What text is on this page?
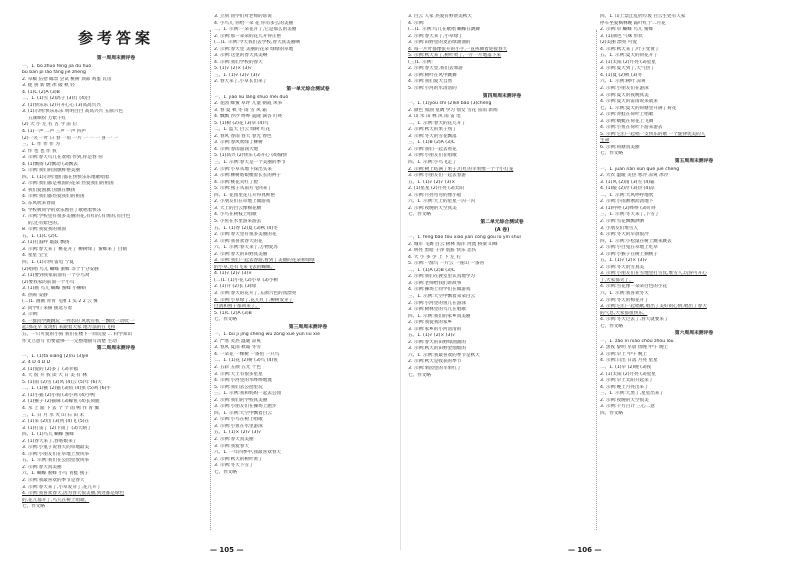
参考答案
第一周周末测评卷
一、1. bō zhuō fēng jiā dù huǒ
bǔ bān pí láo fǎng jiè zhèng
2. 草稿 伍拾 邮票 尝试 桃树 颈部 鸡蛋 瓦房
3. 捉 别 新 燃 冰 破 秋 轻
4. (1)C (2)A (3)B
二、1. (1)雪 (2)鸽子 (3)灯 (4)白
2. (1)快乐乐 (2)开开心心 (3)高高兴兴
3. (1)示例:快乐乐乐 明明白白 高高兴兴 五颜六色
五颜缤纷 万紫千红
(2) 大 小 左 右 古 今 前 后
4. (1)一声 二声 三声 一声 四声
(2)一笑 一叶 日 春 一角 一片 一 一 一 喜 一 一
三、1. 作 作 作 为
2. 作 也 也 作 我
3. 示例:春天鸟儿在欢唱 作到,你是春 你
4. (1)飘扬 (2)飘动 (3)飘去
5. 示例:我们的国旗鲜艳美丽
四、1. (1)示例:他们都在快快乐乐地歌唱着
2. 示例:我们都是祖国的花朵 热爱我们的祖国
3. 我们爱国旗 国旗在飘扬
4. 示例:我们都热爱我们的祖国
5. 东风吹来春雨
6. 学校被同学的欢乐围住了歌唱着快乐
7. 示例:学校里有很多美丽的花,有红的,有黄的,有白色
的,还有紫色的。
8. 示例:我爱我的祖国
五、1. (1)C (2)C
2. (1)打鼓呼 敲鼓 飘扬
3. 示例:春天来了 桃花开了 柳树绿了 蜜蜂来了 白鹤
4. 星星 宝宝
四、1. (1)示例 雷电 宁夏
(2)唱唱 鸟儿 蝴蝶 蜜蜂 等于十分安静
2. (1)要到我家前面有一个小鸟窝
(2)要我家的前面一个小鸟
3. (1)画 鸟儿 蝴蝶 蜜蜂 小蝌蚪
4. 热闹 安静
(二)1. 画画 青青 飞翔 1 头 2 2 云 雾
2. 同学们 采摘 挑选写着
3. 示例:
4. 一群同学跳跳玩 一列水的 风吹有机 一飘吹一动吹 一
起:那花早 发现机 来跟着大家 地方法的在飞和
五、一只可爱的小狗 我们在楼下一同玩耍 … 科学知识
作文立意写 但要能够一一完整地描写清楚 生动
第二周周末测评卷
一、1. (1)tā xiàng (2)rù (3)jié
2. 4 D 4 D D
3. (1)爱的 (2)多了 (3)幸福
4. 天 很 开 我 读 大 日 美 有 林
5. (1)雨 (2)雪 (3)风 (4)云 (5)年 (6)大
二、1. (1)猴 (2)猫 (3)鱼 (4)虫 (5)鸡 (6)牛
2. (1)小猫 (2)小狗 (3)小鸡 (4)小鸭
3. (1)猴子 (2)猫咪 (3)鲸鱼 (4)长颈鹿
4. 水 上 面 下 去 个 个 雨 鸭 作 青 翼
三、1. 日 月 水 火 山 石 田 禾
2. (1)采 (2)出 (3)到 (4)飞 (5)在
3. (1)打雷了 (2)下雨了 (3)天晴了
四、1. (1)鸟儿 蝴蝶 蜜蜂
2. (1)春天来了,春姑娘来了
3. 示例:小兔子说春天的草地最美
4. 示例:小朋友们在草地上放风筝
五、1. 示例:我们在公园里放风筝
2. 示例:春天真美丽
六、1. 蝴蝶 蜜蜂 小鸟 青蛙 燕子
2. 示例:我最喜欢的季节是春天
3. 示例:春天来了,小草发芽了,花儿开了
4. 示例:我喜欢春天,因为春天很美丽,到处都是绿色
的,花儿都开了,鸟儿在树上唱歌。
七、作文略
3. 立刻 同学们对老师的诉说
4. 小鸟儿 你给一朵 花 你有多么的美丽
二、1. 示例:一朵花开了,它是那么的美丽
2. 示例:那一朵朵的花儿开得正艳
(二)1. 示例:今天我们去学校,春天真美丽啊
2. 示例:春天里 美丽的花朵 绿绿的草地
3. 示例:这里的春天真美啊
4. 示例:我们学校的春天
5. (1)√ (2)× (3)√
三、1. (1)√ (2)√ (3)√
2. 春天来了,小草长出来了
第一单元综合测试卷
一、1. jiāo liú lǎng shuō méi duǒ
2. 花园 蜂蜜 草坪 儿童 朝霞 风筝
3. 春 夏 秋 冬 雨 雪 风 霜
4. 飘飘 沙沙 哗哗 轰隆 滴答 叮咚
5. (1)树 (2)花 (3)草 (4)鸟
二、1. 蓝天 白云 绿树 红花
2. 春风 春雨 春天 春光 春色
3. 示例:春风吹绿了柳树
4. 示例:春雨滋润大地
5. (1)高兴 (2)快乐 (3)开心 (4)愉快
三、1. 示例:春天是一个美丽的季节
2. 示例:小草从地下探出头来
3. 示例:柳树姑娘梳着长长的辫子
4. 示例:桃花笑红了脸
5. 示例:燕子从南方飞回来了
四、1. 花园里花儿开得真鲜艳
2. 小朋友们在草地上做游戏
3. 天上的白云像棉花糖
4. 小鸟在树枝上唱歌
5. 小鱼在水里游来游去
五、1. (1)春 (2)夏 (3)秋 (4)冬
2. 示例:春天里有很多美丽的花
3. 示例:我喜欢春天的花
六、1. 示例:春天来了,万物复苏
2. 示例:春天的田野真美丽
3. 示例:我们一起去春游,看到了美丽的花朵和绿绿
的小草,还有飞来飞去的蝴蝶。
4. (1)√ (2)√ (3)×
(二)1. (1)小花 (2)小草 (3)小树
2. (1)开 (2)长 (3)绿
3. 示例:春天的花开了,五颜六色的真漂亮
4. 示例:小草绿了,花儿红了,柳树发芽了
白鸽和燕子都回来了。
5. (1)C (2)A (3)B
七、作文略
第三周周末测评卷
一、1. bǔ jī jìng shēng wù zōng xué yǔn liú xiē
2. 严寒 炎热 温暖 凉爽
3. 春风 夏雨 秋霜 冬雪
4. 一朵花 一棵树 一条鱼 一只鸟
二、1. (1)花 (2)树 (3)鸟 (4)鱼
2. 五彩 五颜 五光 十色
3. 示例:天上有很多星星
4. 示例:小河里的水哗哗地流
5. 示例:我们去公园里玩
三、1. 示例:我和妈妈一起去公园
2. 示例:我们的学校真美丽
3. 示例:小朋友们在操场上跑步
四、1. 示例:天空中飘着白云
2. 示例:小鸟在树上唱歌
3. 示例:小鱼在水里游泳
五、1. (1)× (2)√ (3)√
2. 示例:春天真美丽
3. 示例:我爱春天
六、1. 一年四季中,我最喜欢春天
2. 示例:秋天的树叶黄了
3. 示例:冬天下雪了
七、作文略
3. 白云 人家 热爱有野赞美秋天
4. 示例:
(二)1. 示例:鸟儿在歌唱 蝴蝶在跳舞
2. 示例:春天来了,小草绿了
3. 示例:田野里的麦苗绿油油的
4. 每一片叶都像张开的小手,一直挥舞着迎接春天
5. 示例:秋天来了,树叶黄了,一片一片地落下来
(三)1. 示例:
2. 示例:春天里,我们去郊游
3. 示例:树叶在风中跳舞
4. 示例:我们爱大自然
5. 示例:小河的水清清的
第四周周末测评卷
一、1. (1)yóu shì (2)kè bǎo (3)chéng
2. 颜色 加油 宽阔 学习 仙女 雪花 雷雨 新闻
3. 山 水 田 林 风 雨 雷 电
二、1. 示例:春天的花儿开了
2. 示例:秋天的果子熟了
3. 示例:冬天的雪花飘落
三、1. (1)B (2)A (3)C
2. 示例:我们一起去看花
3. 示例:小朋友们在唱歌
四、1. 示例:小鸟飞走了
2. 示例:树上结满了果子,红红的苹果像一个个小灯笼
3. 示例:小朋友们一起去春游
五、1. (1)√ (2)√ (3)×
2. (1)星星 (2)月亮 (3)太阳
3. 示例:月亮弯弯的像小船
六、1. 示例:天上的星星一闪一闪
2. 示例:夜晚的天空真美
七、作文略
第二单元综合测试卷
(A 卷)
一、1. fēng bǎo tóu xiāo jiān cóng gōu lù yǐn shuǐ
2. 城市 飞舞 白云 树林 海洋 河流 桥梁 山峰
3. 明亮 黑暗 干净 肮脏 快乐 悲伤
4. 大 小 多 少 上 下 左 右
5. 示例:一群鸟 一片云 一座山 一条河
二、1. (1)A (2)B (3)C
2. 示例:我们在教室里认真地学习
3. 示例:老师给我们讲故事
4. 示例:操场上同学们在做游戏
三、1. 示例:天空中飘着朵朵白云
2. 示例:小河里的鱼儿在游泳
3. 示例:树林里的鸟儿在唱歌
四、1. 示例:我们的家乡真美丽
2. 示例:我爱我的家乡
3. 示例:家乡的小河清清的
五、1. (1)√ (2)× (3)√
2. 示例:春天的田野绿油油的
3. 示例:秋天的田野金灿灿的
六、1. 示例:我最喜欢的季节是秋天
2. 示例:秋天是收获的季节
3. 示例:果园里的苹果红了
七、作文略
四、1. 山上禁止乱扔垃圾 白云生处有人家
停车坐爱枫林晚 霜叶红于二月花
2. 示例:草 蝴蝶 鸟儿 蜜蜂
3. (1)颜色 气味 形状
(2)美丽 漂亮 可爱
4. 示例:秋天来了,叶子变黄了
五、1. 示例:夏天的荷花开了
2. (1)太阳 (2)月亮 (3)星星
3. 示例:夏天到了,天气热了
4. (1)夏 (2)秋 (3)冬
六、1. 示例:树叶 凉爽
2. 示例:小朋友们在游泳
3. 示例:夏天的夜晚真美
4. 示例:夏天的雷雨说来就来
七、1. 示例:夏天的荷塘里开满了荷花
2. 示例:青蛙在荷叶上唱歌
3. 示例:蜻蜓在荷花上飞舞
4. 示例:小鱼在荷叶下游来游去
5. 示例:它们一起唱一支快乐的歌 一个旋律优美的人
生命
6. 示例:荷塘真美丽
七、作文略
第五周周末测评卷
一、1. juān nán xún què jué chéng
2. 大衣 温暖 炎热 寒冷 凉爽 冰冷
3. (1)风 (2)雨 (3)雪 (4)霜
4. (1)暖 (2)冷 (3)热 (4)凉
二、1. 示例:大风呼呼地吹
2. 示例:小雨淅淅沥沥地下
3. (1)呼呼 (2)哗哗 (3)叮咚
三、1. 示例:冬天来了,下雪了
2. 示例:雪花飘飘洒洒
3. 小朋友们堆雪人
4. 示例:冬天的早晨很冷
四、1. 示例:小松鼠在树上跳来跳去
2. 示例:小白兔在草地上吃草
3. 示例:小猴子在树上摘桃子
五、1. (1)√ (2)× (3)√
2. 示例:冬天的雪真美
3. 示例:小朋友们在雪地里打雪仗,堆雪人,玩得可开心
了,大家都笑了。
4. 示例:雪花像一朵朵白色的小花
六、1. 示例:我喜欢冬天
2. 示例:冬天的梅花开了
3. 示例:它们一起唱歌,唱出了美好的心情,唱出了春天
的气息,大家都很快乐。
4. 示例:冬天过去了,春天就要来了
七、作文略
第六周周末测评卷
一、1. zǎo nǐ niǎo chóu zhǒu lǒu
2. 黑夜 黎明 早晨 傍晚 中午 晚上
3. 示例:早上 中午 晚上
4. 示例:日出 日落 月亮 星星
二、1. (1)早 (2)晚 (3)夜
2. (1)太阳 (2)月亮 (3)星星
3. 示例:早上太阳升起来了
4. 示例:晚上月亮出来了
三、1. 示例:天黑了,星星出来了
2. 示例:夜晚的天空很美
3. 示例:千方百计 三心二意
四、作文略
— 105 —	— 106 —
